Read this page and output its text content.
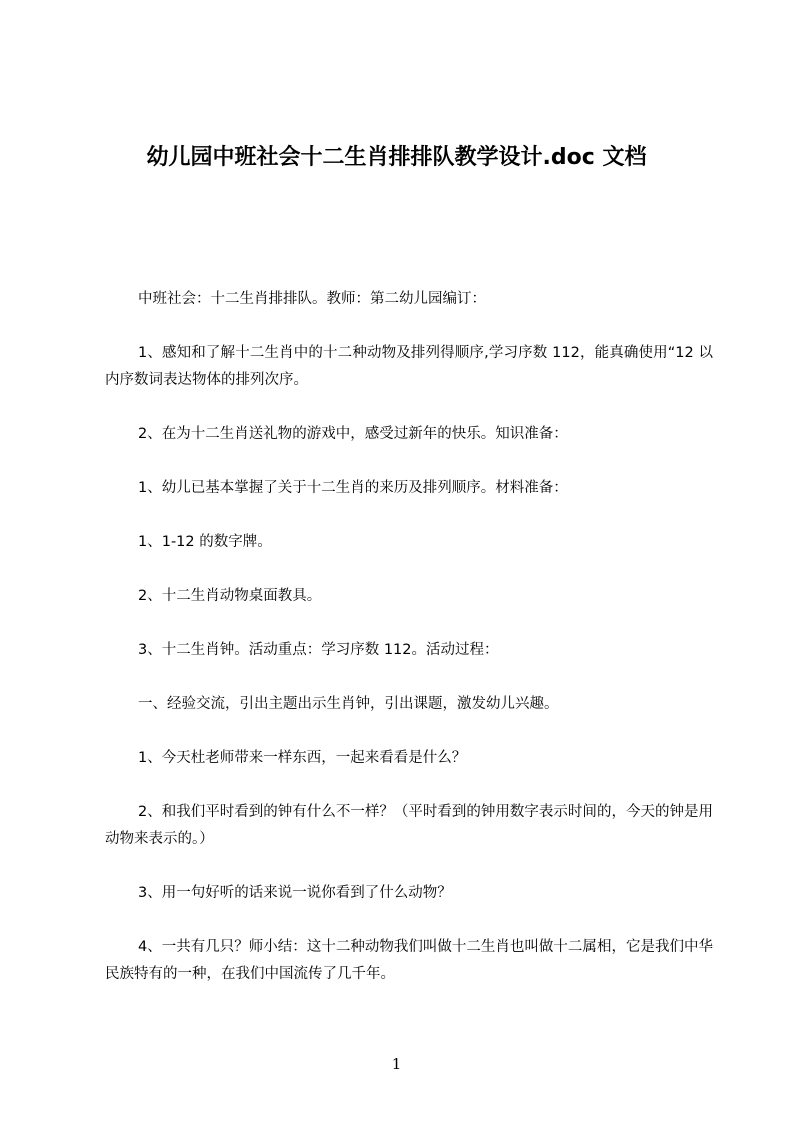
幼儿园中班社会十二生肖排排队教学设计.doc 文档

中班社会：十二生肖排排队。教师：第二幼儿园编订：

1、感知和了解十二生肖中的十二种动物及排列得顺序,学习序数 112，能真确使用“12 以内序数词表达物体的排列次序。

2、在为十二生肖送礼物的游戏中，感受过新年的快乐。知识准备：

1、幼儿已基本掌握了关于十二生肖的来历及排列顺序。材料准备：

1、1-12 的数字牌。

2、十二生肖动物桌面教具。

3、十二生肖钟。活动重点：学习序数 112。活动过程：

一、经验交流，引出主题出示生肖钟，引出课题，激发幼儿兴趣。

1、今天杜老师带来一样东西，一起来看看是什么？

2、和我们平时看到的钟有什么不一样？（平时看到的钟用数字表示时间的，今天的钟是用动物来表示的。）

3、用一句好听的话来说一说你看到了什么动物？

4、一共有几只？师小结：这十二种动物我们叫做十二生肖也叫做十二属相，它是我们中华民族特有的一种，在我们中国流传了几千年。

1
